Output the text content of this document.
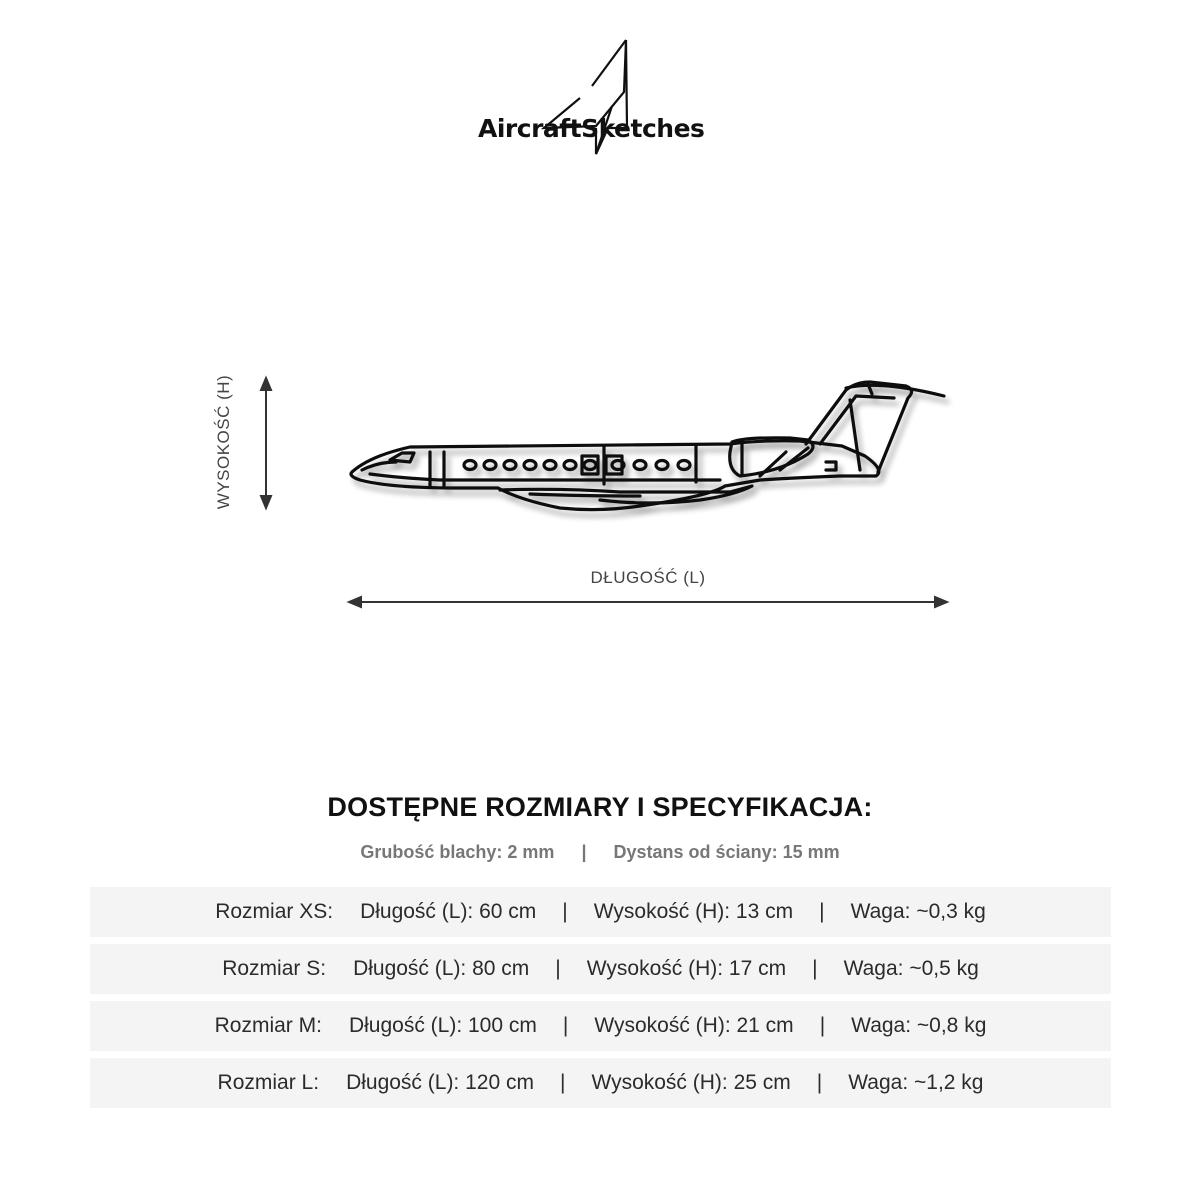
AircraftSketches
WYSOKOŚĆ (H)
DŁUGOŚĆ (L)
DOSTĘPNE ROZMIARY I SPECYFIKACJA:
Grubość blachy: 2 mm | Dystans od ściany: 15 mm
Rozmiar XS: Długość (L): 60 cm | Wysokość (H): 13 cm | Waga: ~0,3 kg
Rozmiar S: Długość (L): 80 cm | Wysokość (H): 17 cm | Waga: ~0,5 kg
Rozmiar M: Długość (L): 100 cm | Wysokość (H): 21 cm | Waga: ~0,8 kg
Rozmiar L: Długość (L): 120 cm | Wysokość (H): 25 cm | Waga: ~1,2 kg
